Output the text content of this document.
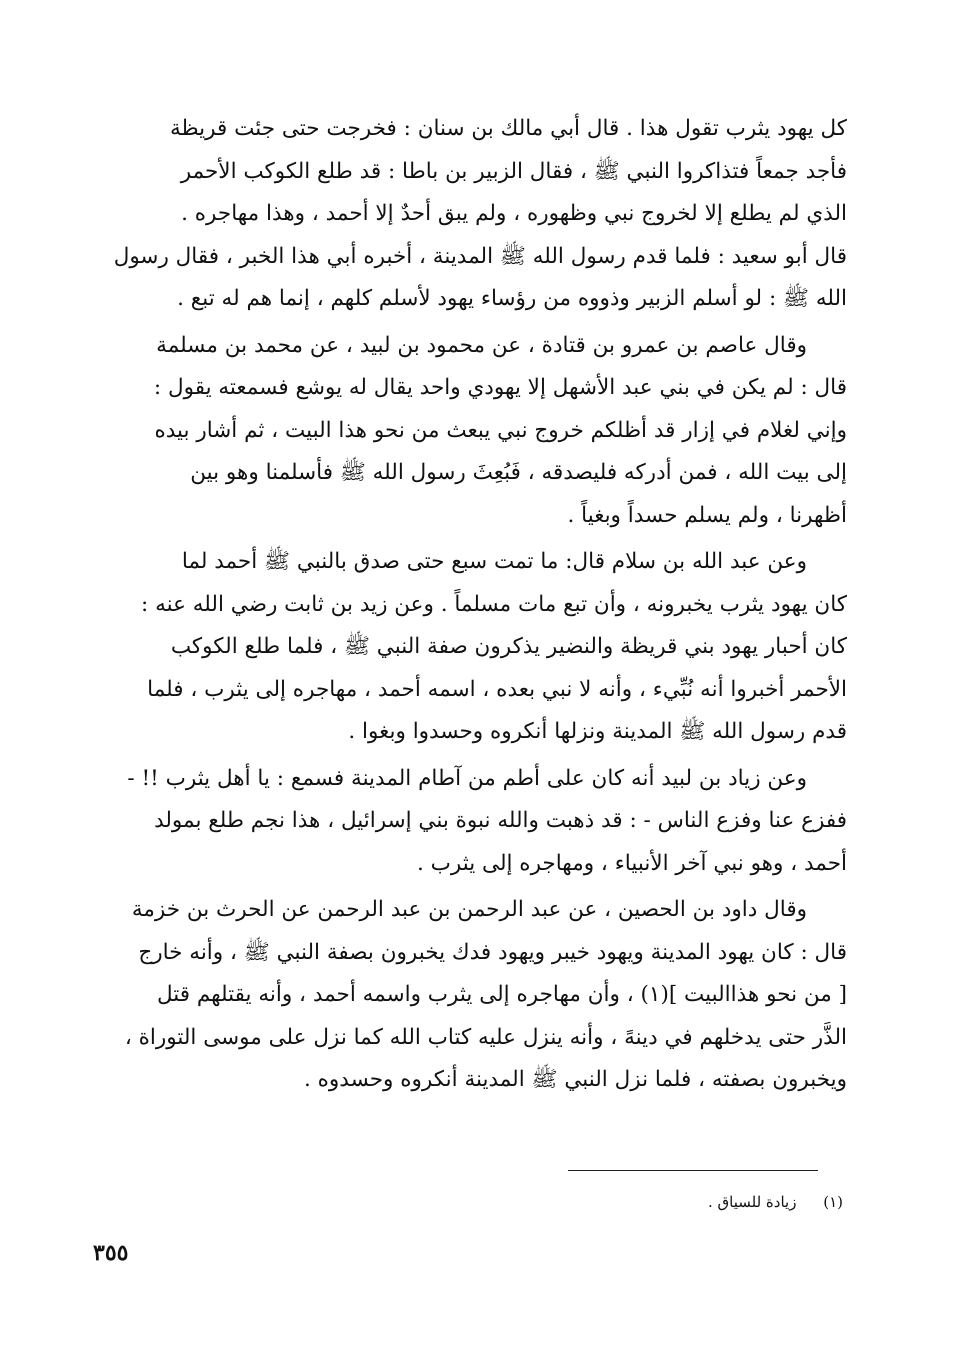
كل يهود يثرب تقول هذا . قال أبي مالك بن سنان : فخرجت حتى جئت قريظة
فأجد جمعاً فتذاكروا النبي ﷺ ، فقال الزبير بن باطا : قد طلع الكوكب الأحمر
الذي لم يطلع إلا لخروج نبي وظهوره ، ولم يبق أحدٌ إلا أحمد ، وهذا مهاجره .
قال أبو سعيد : فلما قدم رسول الله ﷺ المدينة ، أخبره أبي هذا الخبر ، فقال رسول
الله ﷺ : لو أسلم الزبير وذووه من رؤساء يهود لأسلم كلهم ، إنما هم له تبع .
وقال عاصم بن عمرو بن قتادة ، عن محمود بن لبيد ، عن محمد بن مسلمة
قال : لم يكن في بني عبد الأشهل إلا يهودي واحد يقال له يوشع فسمعته يقول :
وإني لغلام في إزار قد أظلكم خروج نبي يبعث من نحو هذا البيت ، ثم أشار بيده
إلى بيت الله ، فمن أدركه فليصدقه ، فَبُعِثَ رسول الله ﷺ فأسلمنا وهو بين
أظهرنا ، ولم يسلم حسداً وبغياً .
وعن عبد الله بن سلام قال: ما تمت سبع حتى صدق بالنبي ﷺ أحمد لما
كان يهود يثرب يخبرونه ، وأن تبع مات مسلماً . وعن زيد بن ثابت رضي الله عنه :
كان أحبار يهود بني قريظة والنضير يذكرون صفة النبي ﷺ ، فلما طلع الكوكب
الأحمر أخبروا أنه نُبِّيء ، وأنه لا نبي بعده ، اسمه أحمد ، مهاجره إلى يثرب ، فلما
قدم رسول الله ﷺ المدينة ونزلها أنكروه وحسدوا وبغوا .
وعن زياد بن لبيد أنه كان على أطم من آطام المدينة فسمع : يا أهل يثرب !! -
ففزع عنا وفزع الناس - : قد ذهبت والله نبوة بني إسرائيل ، هذا نجم طلع بمولد
أحمد ، وهو نبي آخر الأنبياء ، ومهاجره إلى يثرب .
وقال داود بن الحصين ، عن عبد الرحمن بن عبد الرحمن عن الحرث بن خزمة
قال : كان يهود المدينة ويهود خيبر ويهود فدك يخبرون بصفة النبي ﷺ ، وأنه خارج
[ من نحو هذاالبيت ](١) ، وأن مهاجره إلى يثرب واسمه أحمد ، وأنه يقتلهم قتل
الذَّر حتى يدخلهم في دينهً ، وأنه ينزل عليه كتاب الله كما نزل على موسى التوراة ،
ويخبرون بصفته ، فلما نزل النبي ﷺ المدينة أنكروه وحسدوه .
(١) زيادة للسياق .
٣٥٥
